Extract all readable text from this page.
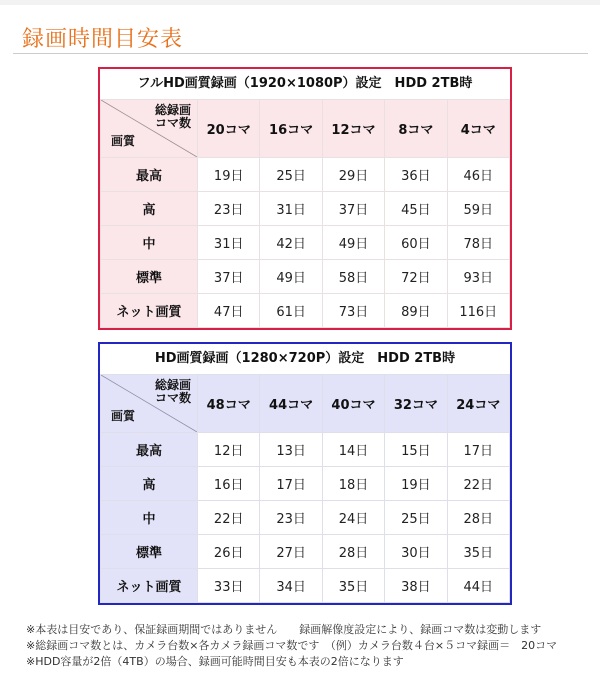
録画時間目安表
フルHD画質録画（1920×1080P）設定　HDD 2TB時
総録画
コマ数
画質	20コマ	16コマ	12コマ	8コマ	4コマ
最高	19日	25日	29日	36日	46日
高	23日	31日	37日	45日	59日
中	31日	42日	49日	60日	78日
標準	37日	49日	58日	72日	93日
ネット画質	47日	61日	73日	89日	116日
HD画質録画（1280×720P）設定　HDD 2TB時
総録画
コマ数
画質	48コマ	44コマ	40コマ	32コマ	24コマ
最高	12日	13日	14日	15日	17日
高	16日	17日	18日	19日	22日
中	22日	23日	24日	25日	28日
標準	26日	27日	28日	30日	35日
ネット画質	33日	34日	35日	38日	44日
※本表は目安であり、保証録画期間ではありません　　録画解像度設定により、録画コマ数は変動します
※総録画コマ数とは、カメラ台数×各カメラ録画コマ数です　（例）カメラ台数４台×５コマ録画＝　20コマ
※HDD容量が2倍（4TB）の場合、録画可能時間目安も本表の2倍になります
